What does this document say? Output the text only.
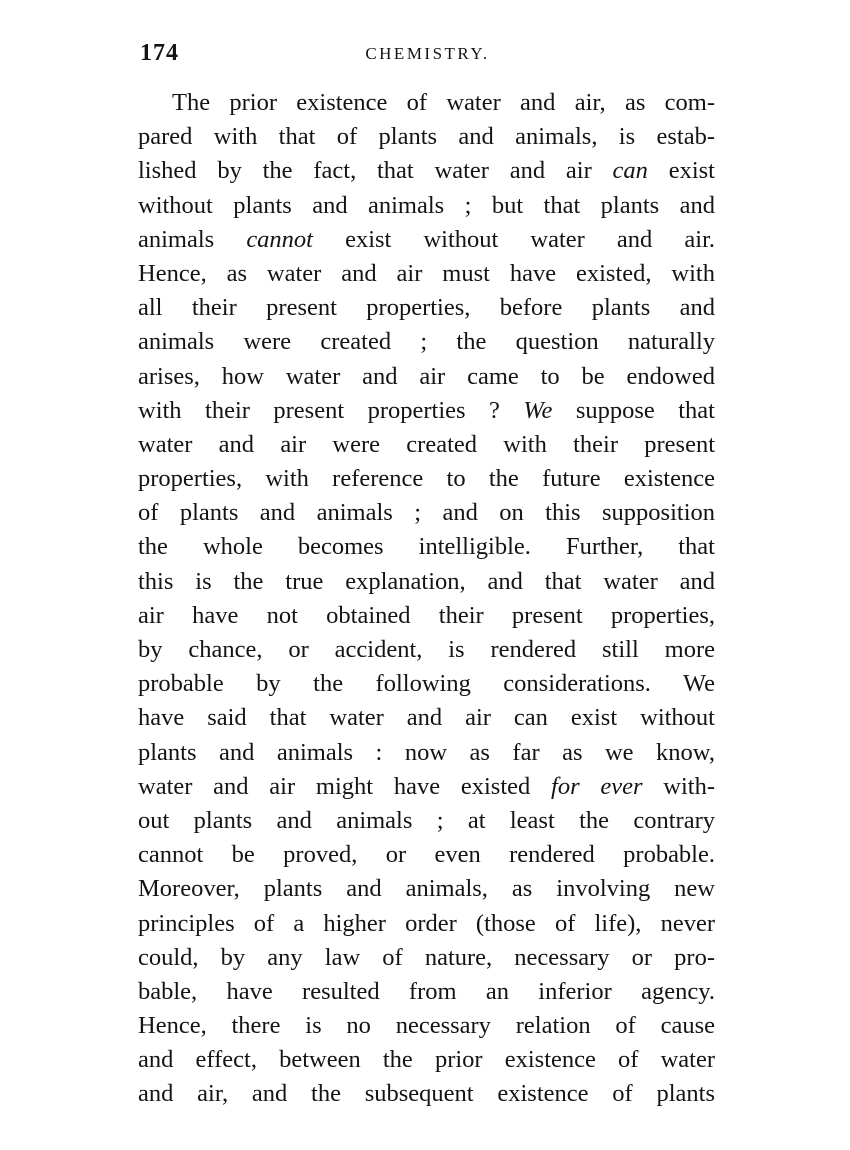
174	CHEMISTRY.
The prior existence of water and air, as com-
pared with that of plants and animals, is estab-
lished by the fact, that water and air can exist
without plants and animals ; but that plants and
animals cannot exist without water and air.
Hence, as water and air must have existed, with
all their present properties, before plants and
animals were created ; the question naturally
arises, how water and air came to be endowed
with their present properties ? We suppose that
water and air were created with their present
properties, with reference to the future existence
of plants and animals ; and on this supposition
the whole becomes intelligible. Further, that
this is the true explanation, and that water and
air have not obtained their present properties,
by chance, or accident, is rendered still more
probable by the following considerations. We
have said that water and air can exist without
plants and animals : now as far as we know,
water and air might have existed for ever with-
out plants and animals ; at least the contrary
cannot be proved, or even rendered probable.
Moreover, plants and animals, as involving new
principles of a higher order (those of life), never
could, by any law of nature, necessary or pro-
bable, have resulted from an inferior agency.
Hence, there is no necessary relation of cause
and effect, between the prior existence of water
and air, and the subsequent existence of plants
